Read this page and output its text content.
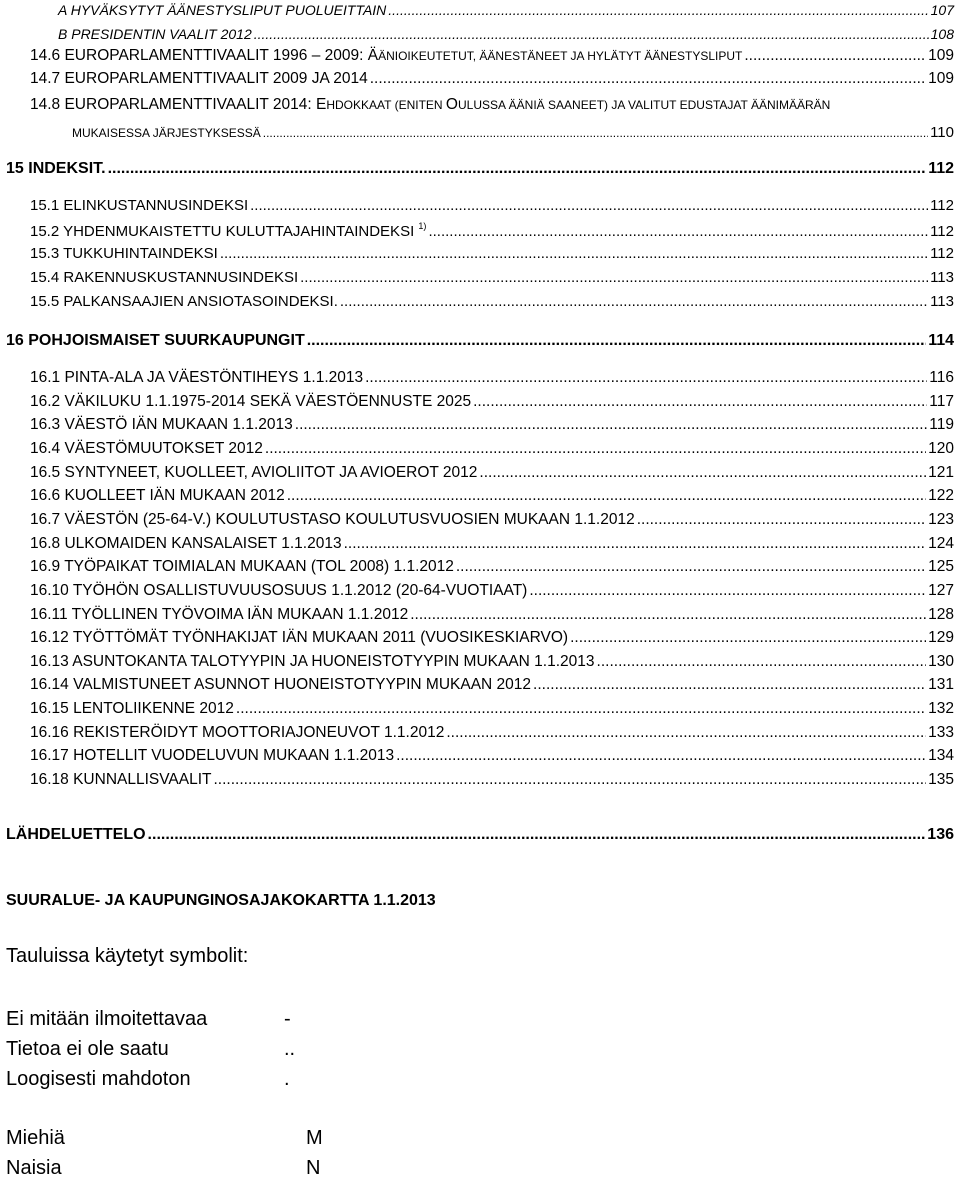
A HYVÄKSYTYT ÄÄNESTYSLIPUT PUOLUEITTAIN .....	107
B PRESIDENTIN VAALIT 2012 .....	108
14.6 EUROPARLAMENTTIVAALIT 1996 – 2009: ÄÄNIOIKEUTETUT, ÄÄNESTÄNEET JA HYLÄTYT ÄÄNESTYSLIPUT .....	109
14.7 EUROPARLAMENTTIVAALIT 2009 JA 2014 .....	109
14.8 EUROPARLAMENTTIVAALIT 2014: EHDOKKAAT (ENITEN OULUSSA ÄÄNIÄ SAANEET) JA VALITUT EDUSTAJAT ÄÄNIMÄÄRÄN
MUKAISESSA JÄRJESTYKSESSÄ .....	110
15 INDEKSIT. .....	112
15.1 ELINKUSTANNUSINDEKSI .....	112
15.2 YHDENMUKAISTETTU KULUTTAJAHINTAINDEKSI $^{1)}$ .....	112
15.3 TUKKUHINTAINDEKSI .....	112
15.4 RAKENNUSKUSTANNUSINDEKSI .....	113
15.5 PALKANSAAJIEN ANSIOTASOINDEKSI. .....	113
16 POHJOISMAISET SUURKAUPUNGIT .....	114
16.1 PINTA-ALA JA VÄESTÖNTIHEYS 1.1.2013 .....	116
16.2 VÄKILUKU 1.1.1975-2014 SEKÄ VÄESTÖENNUSTE 2025 .....	117
16.3 VÄESTÖ IÄN MUKAAN 1.1.2013 .....	119
16.4 VÄESTÖMUUTOKSET 2012 .....	120
16.5 SYNTYNEET, KUOLLEET, AVIOLIITOT JA AVIOEROT 2012 .....	121
16.6 KUOLLEET IÄN MUKAAN 2012 .....	122
16.7 VÄESTÖN (25-64-V.) KOULUTUSTASO KOULUTUSVUOSIEN MUKAAN 1.1.2012 .....	123
16.8 ULKOMAIDEN KANSALAISET 1.1.2013 .....	124
16.9 TYÖPAIKAT TOIMIALAN MUKAAN (TOL 2008) 1.1.2012 .....	125
16.10 TYÖHÖN OSALLISTUVUUSOSUUS 1.1.2012 (20-64-VUOTIAAT) .....	127
16.11 TYÖLLINEN TYÖVOIMA IÄN MUKAAN 1.1.2012 .....	128
16.12 TYÖTTÖMÄT TYÖNHAKIJAT IÄN MUKAAN 2011 (VUOSIKESKIARVO) .....	129
16.13 ASUNTOKANTA TALOTYYPIN JA HUONEISTOTYYPIN MUKAAN 1.1.2013 .....	130
16.14 VALMISTUNEET ASUNNOT HUONEISTOTYYPIN MUKAAN 2012 .....	131
16.15 LENTOLIIKENNE 2012 .....	132
16.16 REKISTERÖIDYT MOOTTORIAJONEUVOT 1.1.2012 .....	133
16.17 HOTELLIT VUODELUVUN MUKAAN 1.1.2013 .....	134
16.18 KUNNALLISVAALIT .....	135
LÄHDELUETTELO .....	136
SUURALUE- JA KAUPUNGINOSAJAKOKARTTA 1.1.2013
Tauluissa käytetyt symbolit:
Ei mitään ilmoitettavaa	-
Tietoa ei ole saatu	..
Loogisesti mahdoton	.
Miehiä	M
Naisia	N
